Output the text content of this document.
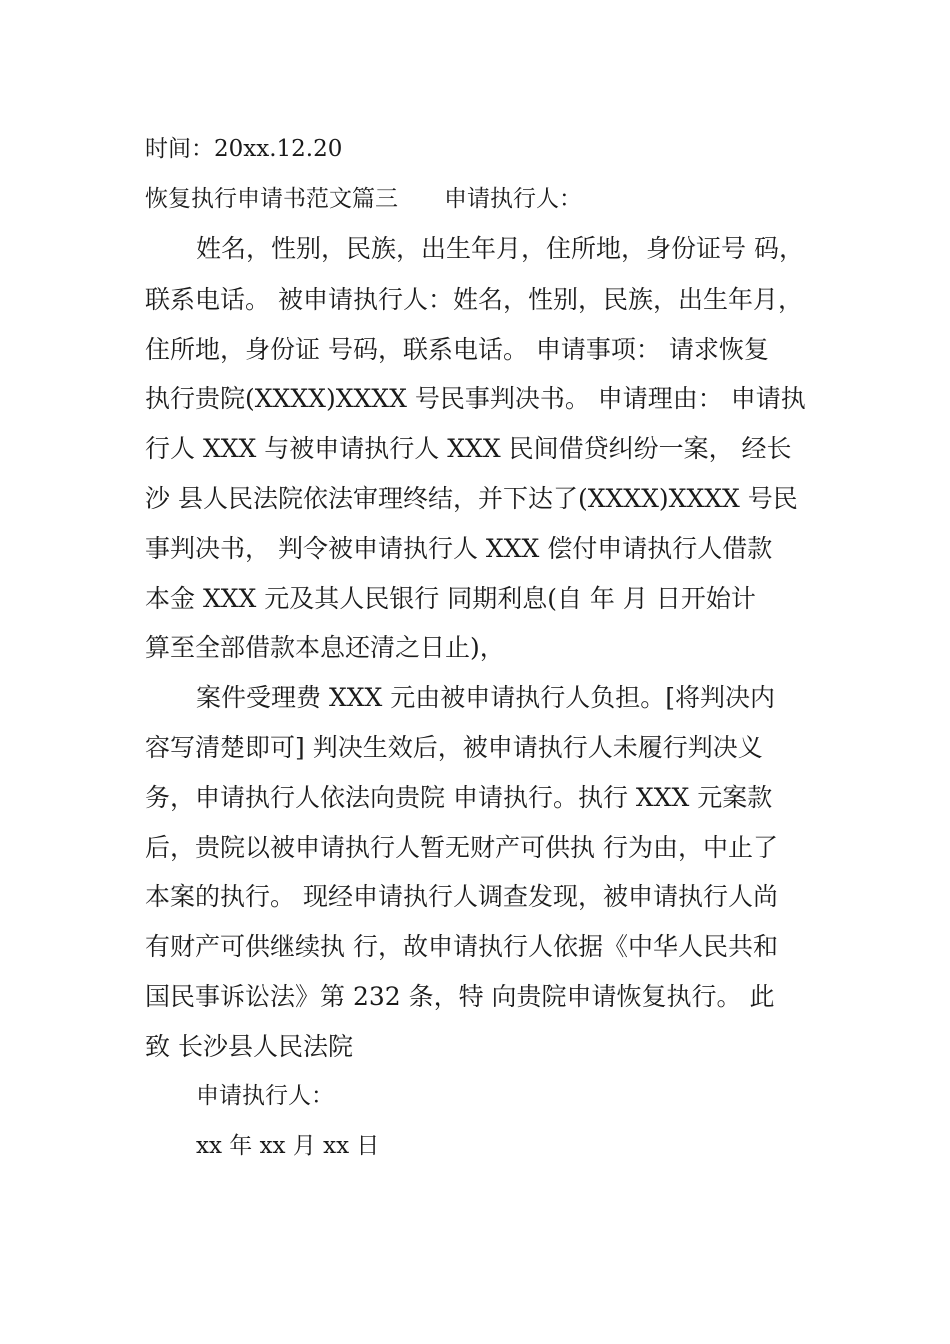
时间：20xx.12.20
恢复执行申请书范文篇三　　申请执行人：
姓名，性别，民族，出生年月，住所地，身份证号 码，
联系电话。 被申请执行人：姓名，性别，民族，出生年月，
住所地，身份证 号码，联系电话。 申请事项： 请求恢复
执行贵院(XXXX)XXXX 号民事判决书。 申请理由： 申请执
行人 XXX 与被申请执行人 XXX 民间借贷纠纷一案， 经长
沙 县人民法院依法审理终结，并下达了(XXXX)XXXX 号民
事判决书， 判令被申请执行人 XXX 偿付申请执行人借款
本金 XXX 元及其人民银行 同期利息(自 年 月 日开始计
算至全部借款本息还清之日止)，
案件受理费 XXX 元由被申请执行人负担。[将判决内
容写清楚即可] 判决生效后，被申请执行人未履行判决义
务，申请执行人依法向贵院 申请执行。执行 XXX 元案款
后，贵院以被申请执行人暂无财产可供执 行为由，中止了
本案的执行。 现经申请执行人调查发现，被申请执行人尚
有财产可供继续执 行，故申请执行人依据《中华人民共和
国民事诉讼法》第 232 条，特 向贵院申请恢复执行。 此
致 长沙县人民法院
申请执行人：
xx 年 xx 月 xx 日
